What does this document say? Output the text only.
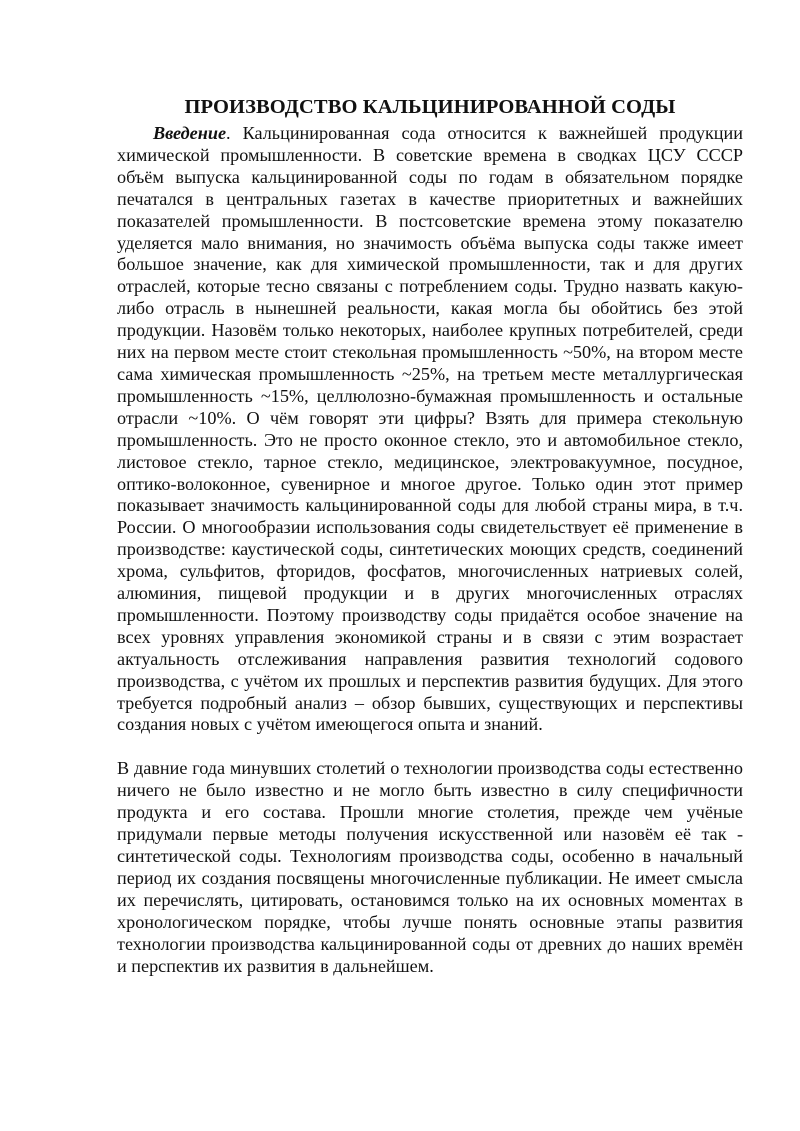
ПРОИЗВОДСТВО КАЛЬЦИНИРОВАННОЙ СОДЫ

Введение. Кальцинированная сода относится к важнейшей продукции химической промышленности. В советские времена в сводках ЦСУ СССР объём выпуска кальцинированной соды по годам в обязательном порядке печатался в центральных газетах в качестве приоритетных и важнейших показателей промышленности. В постсоветские времена этому показателю уделяется мало внимания, но значимость объёма выпуска соды также имеет большое значение, как для химической промышленности, так и для других отраслей, которые тесно связаны с потреблением соды. Трудно назвать какую-либо отрасль в нынешней реальности, какая могла бы обойтись без этой продукции. Назовём только некоторых, наиболее крупных потребителей, среди них на первом месте стоит стекольная промышленность ~50%, на втором месте сама химическая промышленность ~25%, на третьем месте металлургическая промышленность ~15%, целлюлозно-бумажная промышленность и остальные отрасли ~10%. О чём говорят эти цифры? Взять для примера стекольную промышленность. Это не просто оконное стекло, это и автомобильное стекло, листовое стекло, тарное стекло, медицинское, электровакуумное, посудное, оптико-волоконное, сувенирное и многое другое. Только один этот пример показывает значимость кальцинированной соды для любой страны мира, в т.ч. России. О многообразии использования соды свидетельствует её применение в производстве: каустической соды, синтетических моющих средств, соединений хрома, сульфитов, фторидов, фосфатов, многочисленных натриевых солей, алюминия, пищевой продукции и в других многочисленных отраслях промышленности. Поэтому производству соды придаётся особое значение на всех уровнях управления экономикой страны и в связи с этим возрастает актуальность отслеживания направления развития технологий содового производства, с учётом их прошлых и перспектив развития будущих. Для этого требуется подробный анализ – обзор бывших, существующих и перспективы создания новых с учётом имеющегося опыта и знаний.

В давние года минувших столетий о технологии производства соды естественно ничего не было известно и не могло быть известно в силу специфичности продукта и его состава. Прошли многие столетия, прежде чем учёные придумали первые методы получения искусственной или назовём её так - синтетической соды. Технологиям производства соды, особенно в начальный период их создания посвящены многочисленные публикации. Не имеет смысла их перечислять, цитировать, остановимся только на их основных моментах в хронологическом порядке, чтобы лучше понять основные этапы развития технологии производства кальцинированной соды от древних до наших времён и перспектив их развития в дальнейшем.
